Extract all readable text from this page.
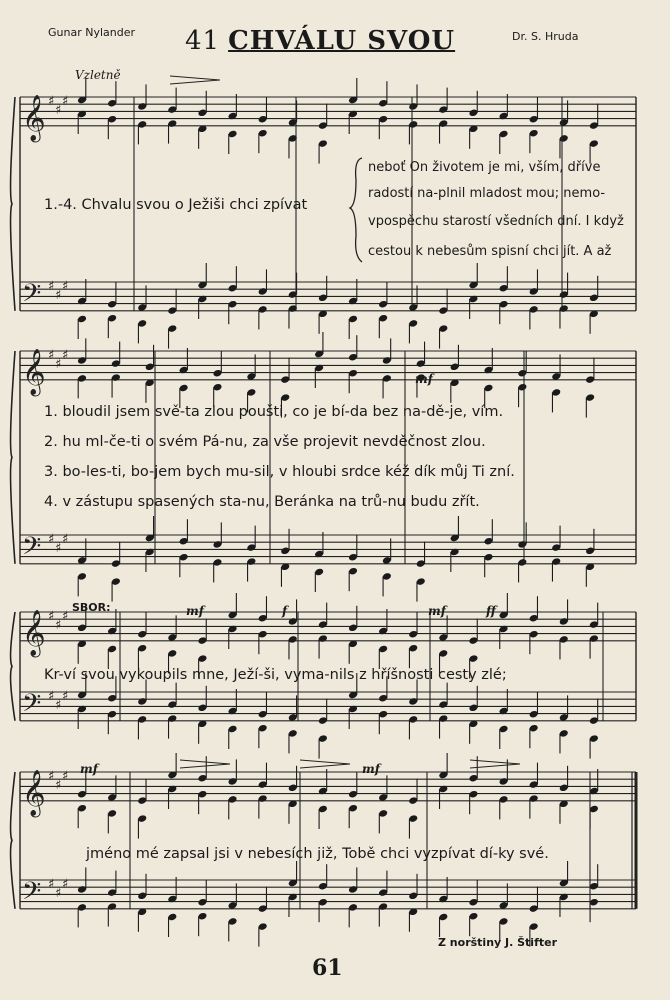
𝄞 ♯
♯
♯
𝄢 ♯
♯
♯
𝄞 ♯
♯
♯
𝄢 ♯
♯
♯
𝄞 ♯
♯
♯
𝄢 ♯
♯
♯
𝄞 ♯
♯
♯
𝄢 ♯
♯
♯
Gunar Nylander	Dr. S. Hruda
41 CHVÁLU SVOU
Vzletně
1.-4. Chvalu svou o Ježiši chci zpívat
neboť On životem je mi, vším, dříve
radostí na-plnil mladost mou; nemo-
vpospěchu starostí všedních dní. I když
cestou k nebesům spisní chci jít. A až
mf
1. bloudil jsem svě-ta zlou poušti, co je bí-da bez na-dě-je, vím.
2. hu ml-če-ti o svém Pá-nu, za vše projevit nevděčnost zlou.
3. bo-les-ti, bo-jem bych mu-sil, v hloubi srdce kéž dík můj Ti zní.
4. v zástupu spasených sta-nu, Beránka na trů-nu budu zřít.
SBOR:	mf	f	mf	ff
Kr-ví svou vykoupils mne, Ježí-ši, vyma-nils z hříšnosti cesty zlé;
mf	mf
jméno mé zapsal jsi v nebesích již, Tobě chci vyzpívat dí-ky své.
Z norštiny J. Štifter
61
